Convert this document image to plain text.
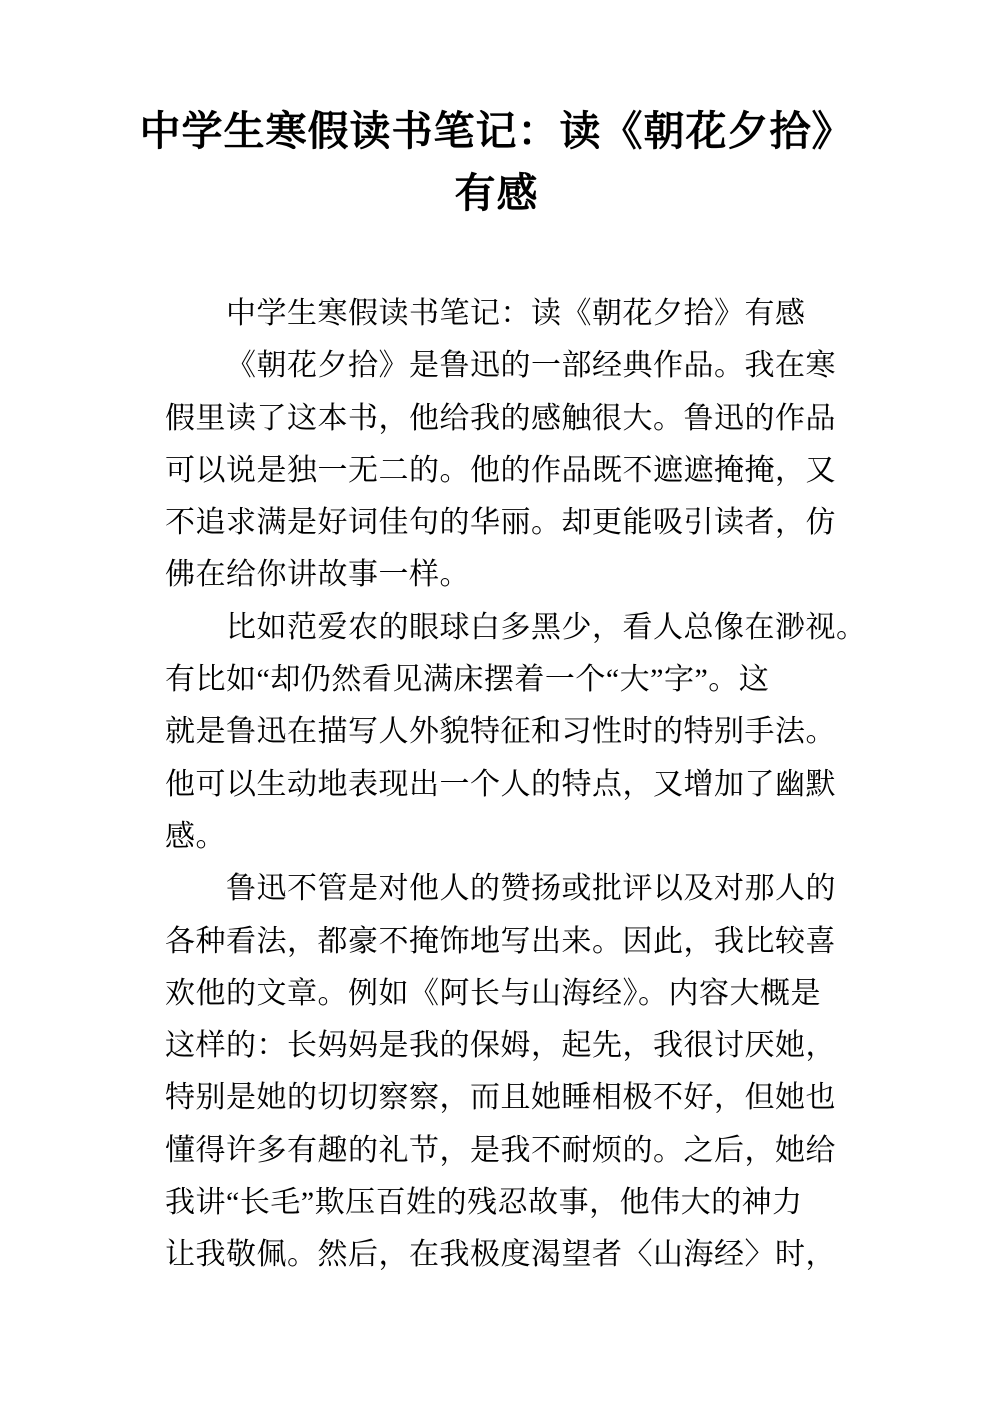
中学生寒假读书笔记：读《朝花夕拾》
有感
中学生寒假读书笔记：读《朝花夕拾》有感
《朝花夕拾》是鲁迅的一部经典作品。我在寒
假里读了这本书，他给我的感触很大。鲁迅的作品
可以说是独一无二的。他的作品既不遮遮掩掩，又
不追求满是好词佳句的华丽。却更能吸引读者，仿
佛在给你讲故事一样。
比如范爱农的眼球白多黑少，看人总像在渺视。
有比如“却仍然看见满床摆着一个“大”字”。这
就是鲁迅在描写人外貌特征和习性时的特别手法。
他可以生动地表现出一个人的特点，又增加了幽默
感。
鲁迅不管是对他人的赞扬或批评以及对那人的
各种看法，都豪不掩饰地写出来。因此，我比较喜
欢他的文章。例如《阿长与山海经》。内容大概是
这样的：长妈妈是我的保姆，起先，我很讨厌她，
特别是她的切切察察，而且她睡相极不好，但她也
懂得许多有趣的礼节，是我不耐烦的。之后，她给
我讲“长毛”欺压百姓的残忍故事，他伟大的神力
让我敬佩。然后，在我极度渴望者〈山海经〉时，
